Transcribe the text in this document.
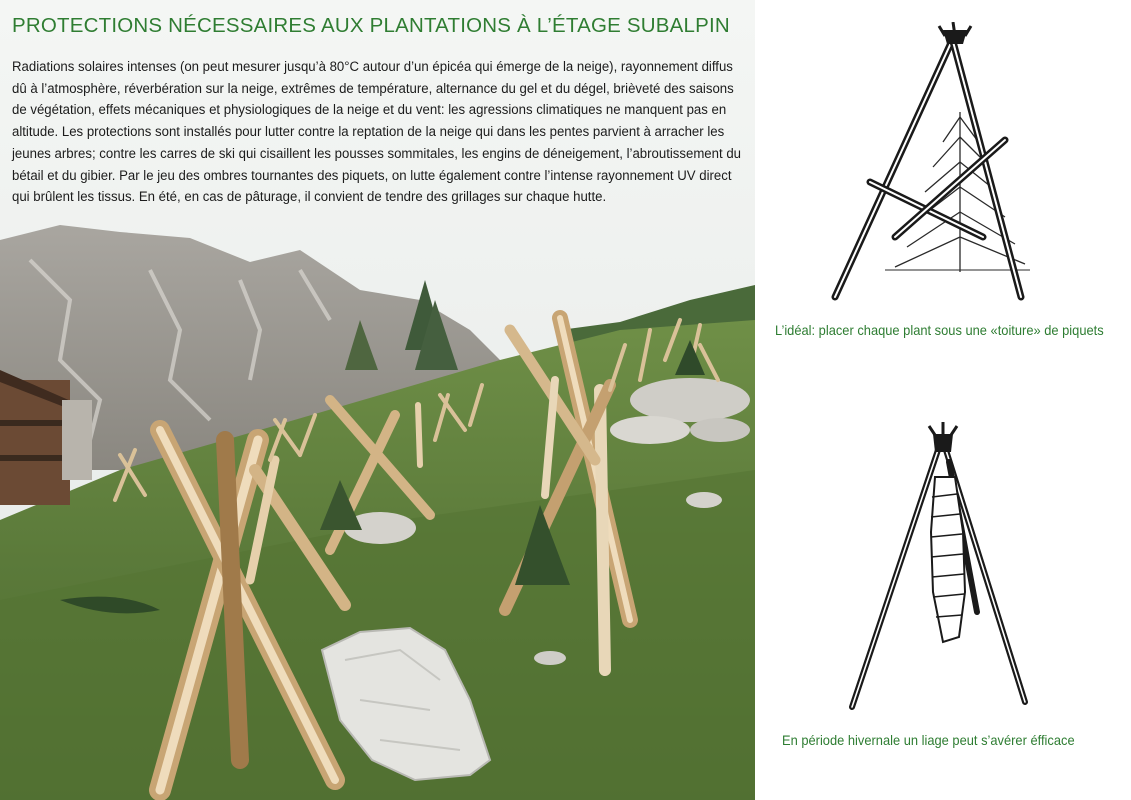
PROTECTIONS NÉCESSAIRES AUX PLANTATIONS À L’ÉTAGE SUBALPIN

Radiations solaires intenses (on peut mesurer jusqu’à 80°C autour d’un épicéa qui émerge de la neige), rayonnement diffus dû à l’atmosphère, réverbération sur la neige, extrêmes de température, alternance du gel et du dégel, brièveté des saisons de végétation, effets mécaniques et physiologiques de la neige et du vent: les agressions climatiques ne manquent pas en altitude. Les protections sont installés pour lutter contre la reptation de la neige qui dans les pentes parvient à arracher les jeunes arbres; contre les carres de ski qui cisaillent les pousses sommitales, les engins de déneigement, l’abroutissement du bétail et du gibier. Par le jeu des ombres tournantes des piquets, on lutte également contre l’intense rayonnement UV direct qui brûlent les tissus. En été, en cas de pâturage, il convient de tendre des grillages sur chaque hutte.

L’idéal: placer chaque plant sous une «toiture» de piquets

En période hivernale un liage peut s’avérer éfficace
